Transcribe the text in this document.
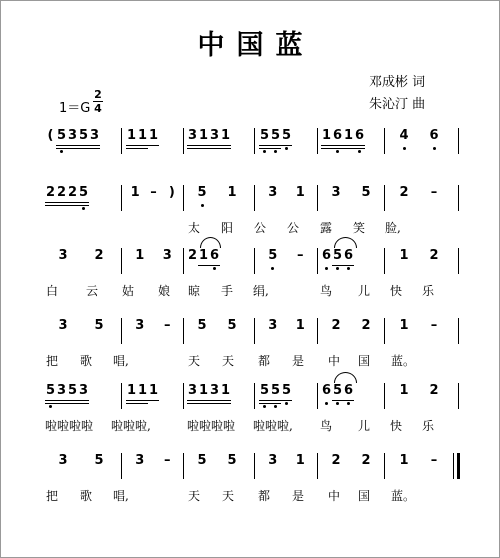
中国蓝
邓成彬 词
朱沁汀 曲
1＝G
2
4
( 5 3 5 3 1 1 1 3 1 3 1 5 5 5 1 6 1 6	4 6
2 2 2 5	1 – )	5 1 3 1 3 5 2	–
太 阳 公 公 露 笑 脸,
3 2 1 3 2 1 6	5	–	6 5 6	1 2
白 云 姑 娘 晾 手 绢,	鸟 儿 快 乐
3 5 3	–	5 5 3 1 2 2 1	–
把 歌 唱,	天 天 都 是 中 国 蓝。
5 3 5 3	1 1 1 3 1 3 1 5 5 5 6 5 6	1 2
啦啦啦啦 啦啦啦,	啦啦啦啦 啦啦啦, 鸟 儿 快 乐
3 5 3	–	5 5 3 1 2 2 1	–
把 歌 唱,	天 天 都 是 中 国 蓝。
